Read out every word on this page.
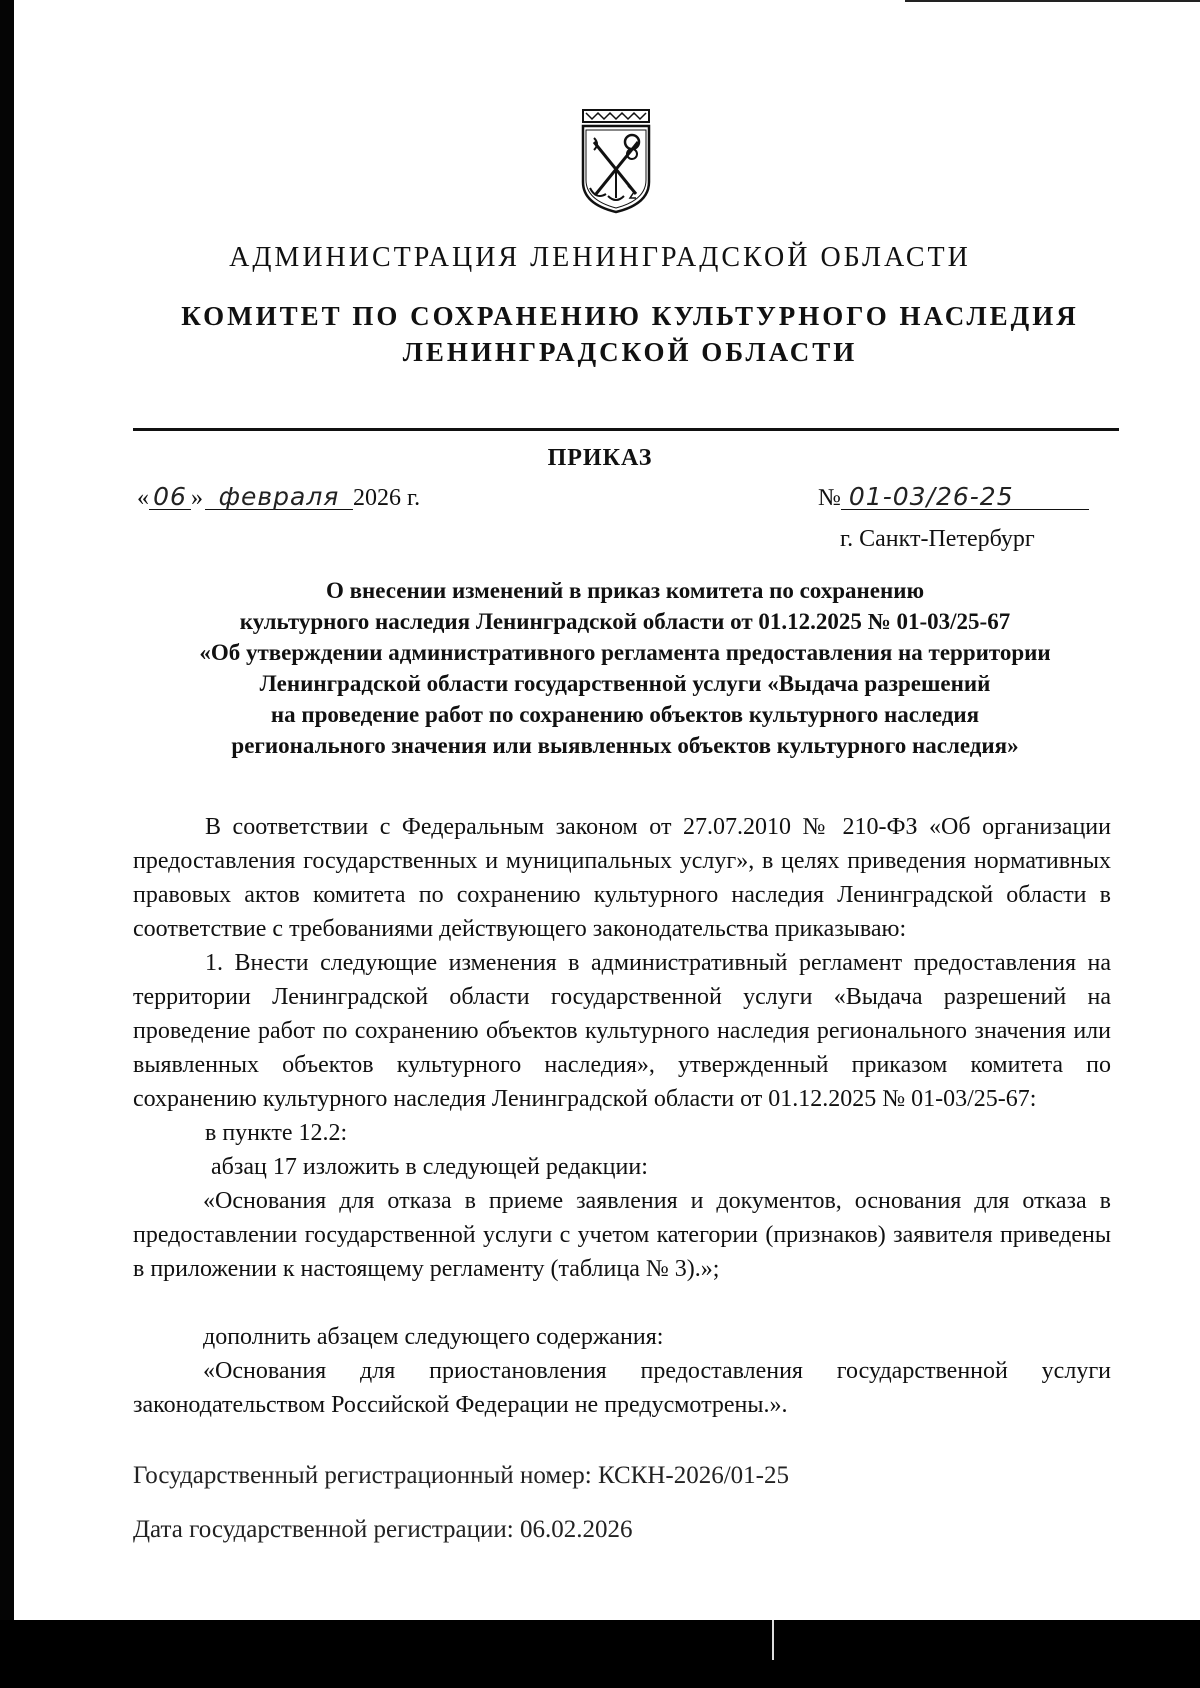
АДМИНИСТРАЦИЯ ЛЕНИНГРАДСКОЙ ОБЛАСТИ
КОМИТЕТ ПО СОХРАНЕНИЮ КУЛЬТУРНОГО НАСЛЕДИЯ
ЛЕНИНГРАДСКОЙ ОБЛАСТИ
ПРИКАЗ
« 06 » февраля 2026 г.	№ 01-03/26-25
г. Санкт-Петербург
О внесении изменений в приказ комитета по сохранению
культурного наследия Ленинградской области от 01.12.2025 № 01-03/25-67
«Об утверждении административного регламента предоставления на территории
Ленинградской области государственной услуги «Выдача разрешений
на проведение работ по сохранению объектов культурного наследия
регионального значения или выявленных объектов культурного наследия»

В соответствии с Федеральным законом от 27.07.2010 № 210-ФЗ «Об организации предоставления государственных и муниципальных услуг», в целях приведения нормативных правовых актов комитета по сохранению культурного наследия Ленинградской области в соответствие с требованиями действующего законодательства приказываю:

1. Внести следующие изменения в административный регламент предоставления на территории Ленинградской области государственной услуги «Выдача разрешений на проведение работ по сохранению объектов культурного наследия регионального значения или выявленных объектов культурного наследия», утвержденный приказом комитета по сохранению культурного наследия Ленинградской области от 01.12.2025 № 01-03/25-67:

в пункте 12.2:

абзац 17 изложить в следующей редакции:

«Основания для отказа в приеме заявления и документов, основания для отказа в предоставлении государственной услуги с учетом категории (признаков) заявителя приведены в приложении к настоящему регламенту (таблица № 3).»;

дополнить абзацем следующего содержания:

«Основания для приостановления предоставления государственной услуги законодательством Российской Федерации не предусмотрены.».

Государственный регистрационный номер: КСКН-2026/01-25
Дата государственной регистрации: 06.02.2026
